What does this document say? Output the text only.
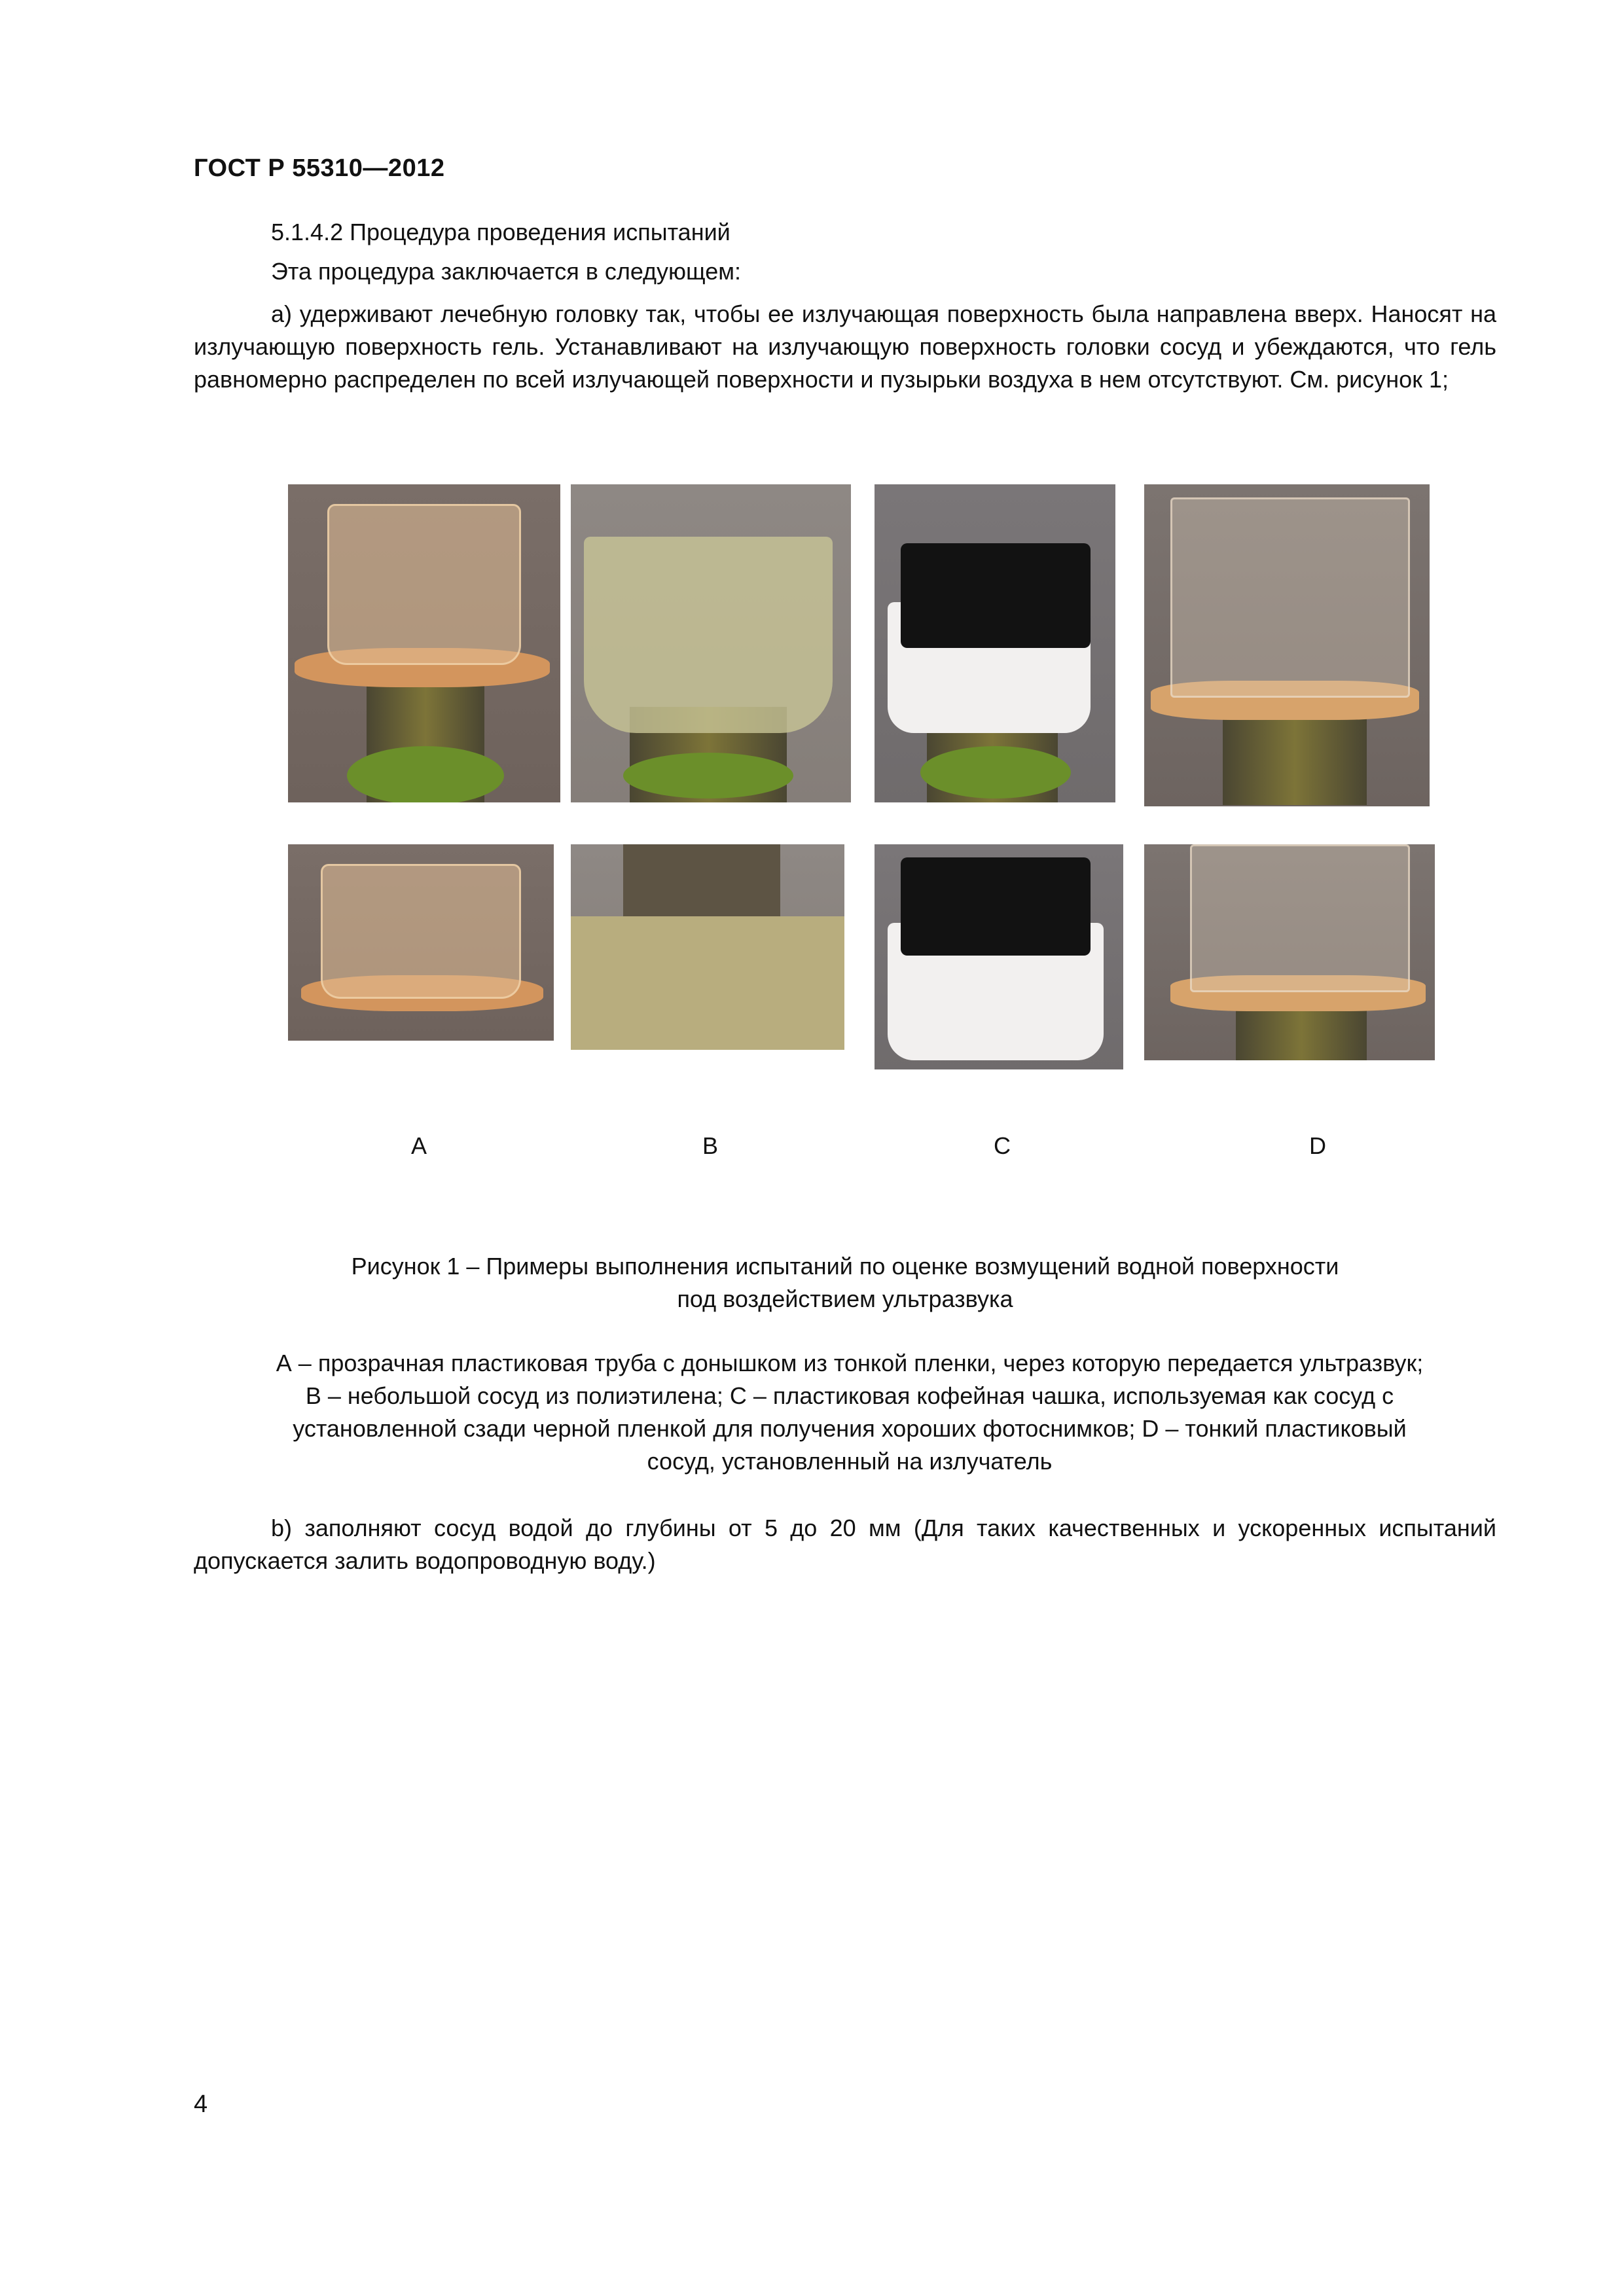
ГОСТ Р 55310—2012
5.1.4.2 Процедура проведения испытаний
Эта процедура заключается в следующем:
а) удерживают лечебную головку так, чтобы ее излучающая поверхность была направлена вверх. Наносят на излучающую поверхность гель. Устанавливают на излучающую поверхность головки сосуд и убеждаются, что гель равномерно распределен по всей излучающей поверхности и пузырьки воздуха в нем отсутствуют. См. рисунок 1;
A	B	C	D
Рисунок 1 – Примеры выполнения испытаний по оценке возмущений водной поверхности
под воздействием ультразвука
А – прозрачная пластиковая труба с донышком из тонкой пленки, через которую передается ультразвук; В – небольшой сосуд из полиэтилена; С – пластиковая кофейная чашка, используемая как сосуд с установленной сзади черной пленкой для получения хороших фотоснимков; D – тонкий пластиковый сосуд, установленный на излучатель
b) заполняют сосуд водой до глубины от 5 до 20 мм (Для таких качественных и ускоренных испытаний допускается залить водопроводную воду.)
4
